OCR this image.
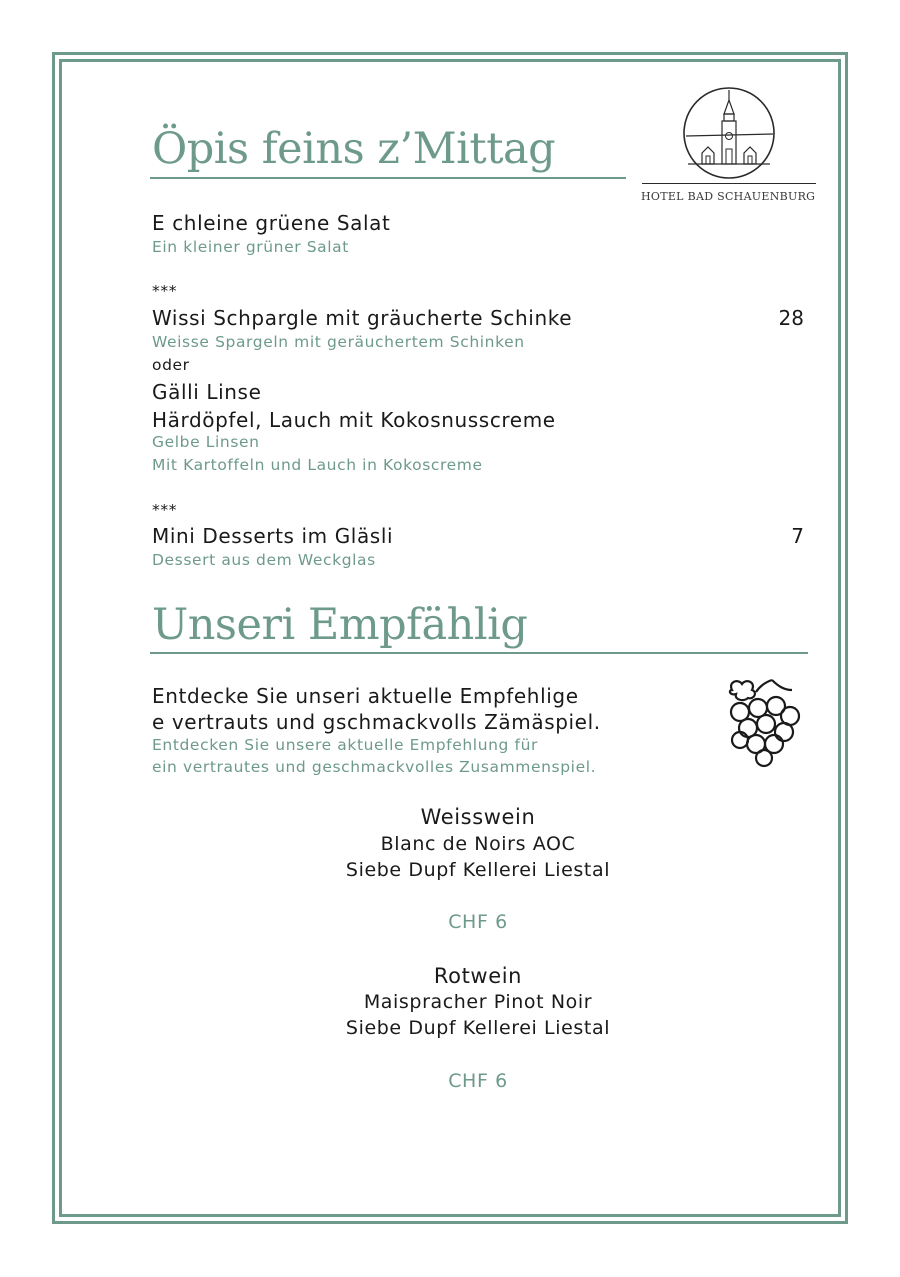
HOTEL BAD SCHAUENBURG
Öpis feins z’Mittag
E chleine grüene Salat
Ein kleiner grüner Salat
***
Wissi Schpargle mit gräucherte Schinke	28
Weisse Spargeln mit geräuchertem Schinken
oder
Gälli Linse
Härdöpfel, Lauch mit Kokosnusscreme
Gelbe Linsen
Mit Kartoffeln und Lauch in Kokoscreme
***
Mini Desserts im Gläsli	7
Dessert aus dem Weckglas
Unseri Empfählig
Entdecke Sie unseri aktuelle Empfehlige
e vertrauts und gschmackvolls Zämäspiel.
Entdecken Sie unsere aktuelle Empfehlung für
ein vertrautes und geschmackvolles Zusammenspiel.
Weisswein
Blanc de Noirs AOC
Siebe Dupf Kellerei Liestal
CHF 6
Rotwein
Maispracher Pinot Noir
Siebe Dupf Kellerei Liestal
CHF 6
